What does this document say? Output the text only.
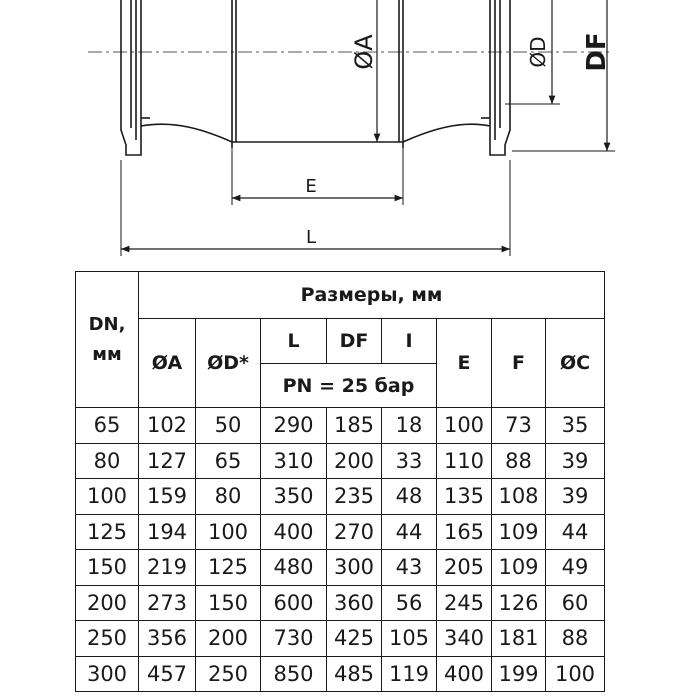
ØA	ØD DF
E
L
DN,
мм	Размеры, мм							
	ØA	ØD*	L	DF	I	E	F	ØC
			PN = 25 бар					
65	102	50	290	185	18	100	73	35
80	127	65	310	200	33	110	88	39
100	159	80	350	235	48	135	108	39
125	194	100	400	270	44	165	109	44
150	219	125	480	300	43	205	109	49
200	273	150	600	360	56	245	126	60
250	356	200	730	425	105	340	181	88
300	457	250	850	485	119	400	199	100
